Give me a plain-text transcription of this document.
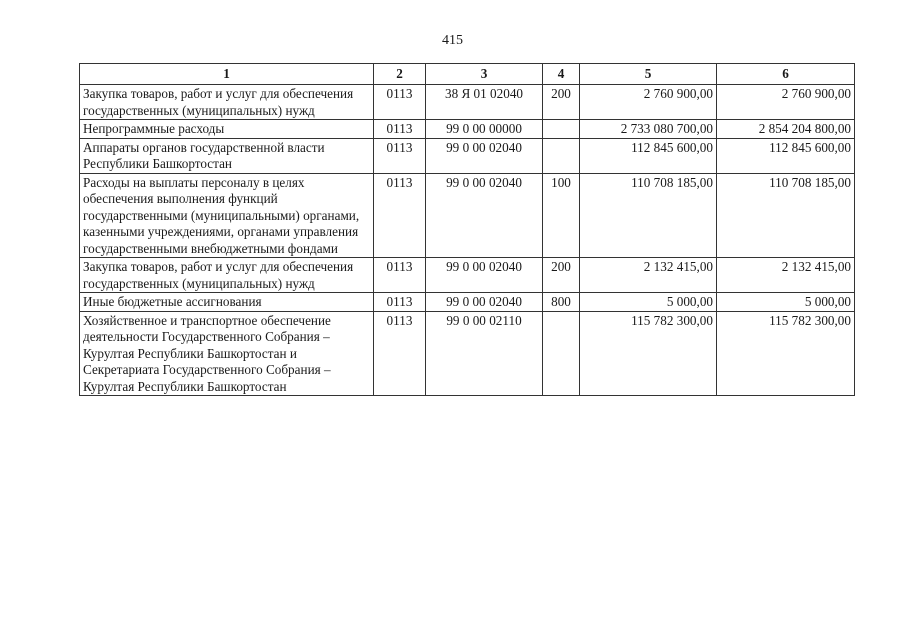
415
1	2	3	4	5	6
Закупка товаров, работ и услуг для обеспечения государственных (муниципальных) нужд	0113	38 Я 01 02040	200	2 760 900,00	2 760 900,00
Непрограммные расходы	0113	99 0 00 00000		2 733 080 700,00	2 854 204 800,00
Аппараты органов государственной власти Республики Башкортостан	0113	99 0 00 02040		112 845 600,00	112 845 600,00
Расходы на выплаты персоналу в целях обеспечения выполнения функций государственными (муниципальными) органами, казенными учреждениями, органами управления государственными внебюджетными фондами	0113	99 0 00 02040	100	110 708 185,00	110 708 185,00
Закупка товаров, работ и услуг для обеспечения государственных (муниципальных) нужд	0113	99 0 00 02040	200	2 132 415,00	2 132 415,00
Иные бюджетные ассигнования	0113	99 0 00 02040	800	5 000,00	5 000,00
Хозяйственное и транспортное обеспечение деятельности Государственного Собрания – Курултая Республики Башкортостан и Секретариата Государственного Собрания – Курултая Республики Башкортостан	0113	99 0 00 02110		115 782 300,00	115 782 300,00
